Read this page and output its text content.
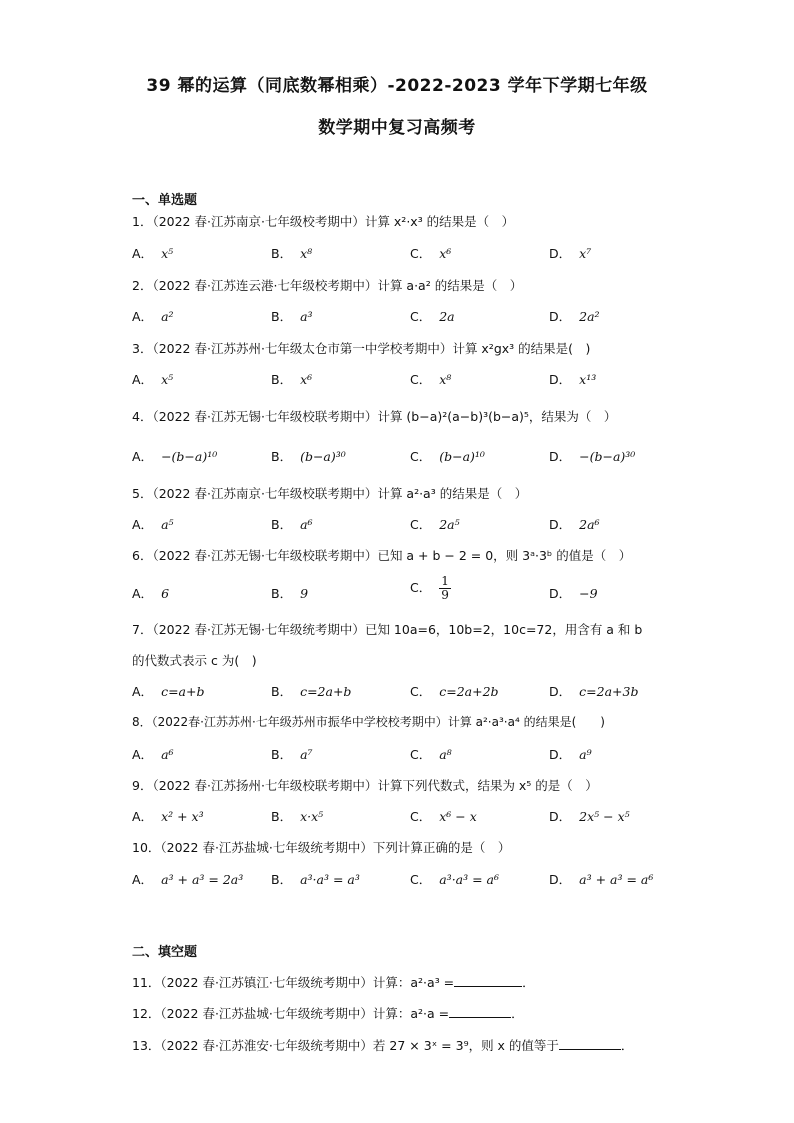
39 幂的运算（同底数幂相乘）-2022-2023 学年下学期七年级
数学期中复习高频考
一、单选题
1．（2022 春·江苏南京·七年级校考期中）计算 x²·x³ 的结果是（　）
A． x⁵	B． x⁸	C． x⁶	D． x⁷
2．（2022 春·江苏连云港·七年级校考期中）计算 a·a² 的结果是（　）
A． a²	B． a³	C． 2a	D． 2a²
3．（2022 春·江苏苏州·七年级太仓市第一中学校考期中）计算 x²gx³ 的结果是(　)
A． x⁵	B． x⁶	C． x⁸	D． x¹³
4．（2022 春·江苏无锡·七年级校联考期中）计算 (b−a)²(a−b)³(b−a)⁵，结果为（　）
A． −(b−a)¹⁰	B． (b−a)³⁰	C． (b−a)¹⁰	D． −(b−a)³⁰
5．（2022 春·江苏南京·七年级校联考期中）计算 a²·a³ 的结果是（　）
A． a⁵	B． a⁶	C． 2a⁵	D． 2a⁶
6．（2022 春·江苏无锡·七年级校联考期中）已知 a + b − 2 = 0，则 3ᵃ·3ᵇ 的值是（　）
A． 6	B． 9	C． $\frac{1}{9}$	D． −9
7．（2022 春·江苏无锡·七年级统考期中）已知 10a=6，10b=2，10c=72，用含有 a 和 b
的代数式表示 c 为(　)
A． c=a+b	B． c=2a+b	C． c=2a+2b	D． c=2a+3b
8．（2022春·江苏苏州·七年级苏州市振华中学校校考期中）计算 a²·a³·a⁴ 的结果是(　　)
A． a⁶	B． a⁷	C． a⁸	D． a⁹
9．（2022 春·江苏扬州·七年级校联考期中）计算下列代数式，结果为 x⁵ 的是（　）
A． x² + x³	B． x·x⁵	C． x⁶ − x	D． 2x⁵ − x⁵
10．（2022 春·江苏盐城·七年级统考期中）下列计算正确的是（　）
A． a³ + a³ = 2a³ B． a³·a³ = a³	C． a³·a³ = a⁶	D． a³ + a³ = a⁶
二、填空题
11．（2022 春·江苏镇江·七年级统考期中）计算：a²·a³ =	．
12．（2022 春·江苏盐城·七年级统考期中）计算：a²·a =	．
13．（2022 春·江苏淮安·七年级统考期中）若 27 × 3ˣ = 3⁹，则 x 的值等于	．
